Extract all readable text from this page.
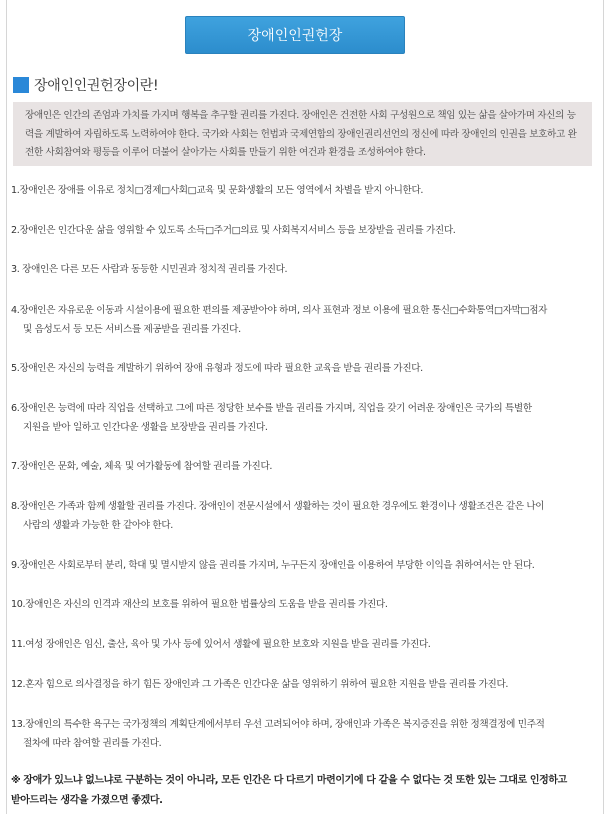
장애인인권헌장
장애인인권헌장이란!
장애인은 인간의 존엄과 가치를 가지며 행복을 추구할 권리를 가진다. 장애인은 건전한 사회 구성원으로 책임 있는 삶을 살아가며 자신의 능력을 계발하여 자립하도록 노력하여야 한다. 국가와 사회는 헌법과 국제연합의 장애인권리선언의 정신에 따라 장애인의 인권을 보호하고 완전한 사회참여와 평등을 이루어 더불어 살아가는 사회를 만들기 위한 여건과 환경을 조성하여야 한다.
1.장애인은 장애를 이유로 정치□경제□사회□교육 및 문화생활의 모든 영역에서 차별을 받지 아니한다.
2.장애인은 인간다운 삶을 영위할 수 있도록 소득□주거□의료 및 사회복지서비스 등을 보장받을 권리를 가진다.
3. 장애인은 다른 모든 사람과 동등한 시민권과 정치적 권리를 가진다.
4.장애인은 자유로운 이동과 시설이용에 필요한 편의를 제공받아야 하며, 의사 표현과 정보 이용에 필요한 통신□수화통역□자막□점자
및 음성도서 등 모든 서비스를 제공받을 권리를 가진다.
5.장애인은 자신의 능력을 계발하기 위하여 장애 유형과 정도에 따라 필요한 교육을 받을 권리를 가진다.
6.장애인은 능력에 따라 직업을 선택하고 그에 따른 정당한 보수를 받을 권리를 가지며, 직업을 갖기 어려운 장애인은 국가의 특별한
지원을 받아 일하고 인간다운 생활을 보장받을 권리를 가진다.
7.장애인은 문화, 예술, 체육 및 여가활동에 참여할 권리를 가진다.
8.장애인은 가족과 함께 생활할 권리를 가진다. 장애인이 전문시설에서 생활하는 것이 필요한 경우에도 환경이나 생활조건은 같은 나이
사람의 생활과 가능한 한 같아야 한다.
9.장애인은 사회로부터 분리, 학대 및 멸시받지 않을 권리를 가지며, 누구든지 장애인을 이용하여 부당한 이익을 취하여서는 안 된다.
10.장애인은 자신의 인격과 재산의 보호를 위하여 필요한 법률상의 도움을 받을 권리를 가진다.
11.여성 장애인은 임신, 출산, 육아 및 가사 등에 있어서 생활에 필요한 보호와 지원을 받을 권리를 가진다.
12.혼자 힘으로 의사결정을 하기 힘든 장애인과 그 가족은 인간다운 삶을 영위하기 위하여 필요한 지원을 받을 권리를 가진다.
13.장애인의 특수한 욕구는 국가정책의 계획단계에서부터 우선 고려되어야 하며, 장애인과 가족은 복지증진을 위한 정책결정에 민주적
절차에 따라 참여할 권리를 가진다.
※ 장애가 있느냐 없느냐로 구분하는 것이 아니라, 모든 인간은 다 다르기 마련이기에 다 같을 수 없다는 것 또한 있는 그대로 인정하고
받아드리는 생각을 가졌으면 좋겠다.
